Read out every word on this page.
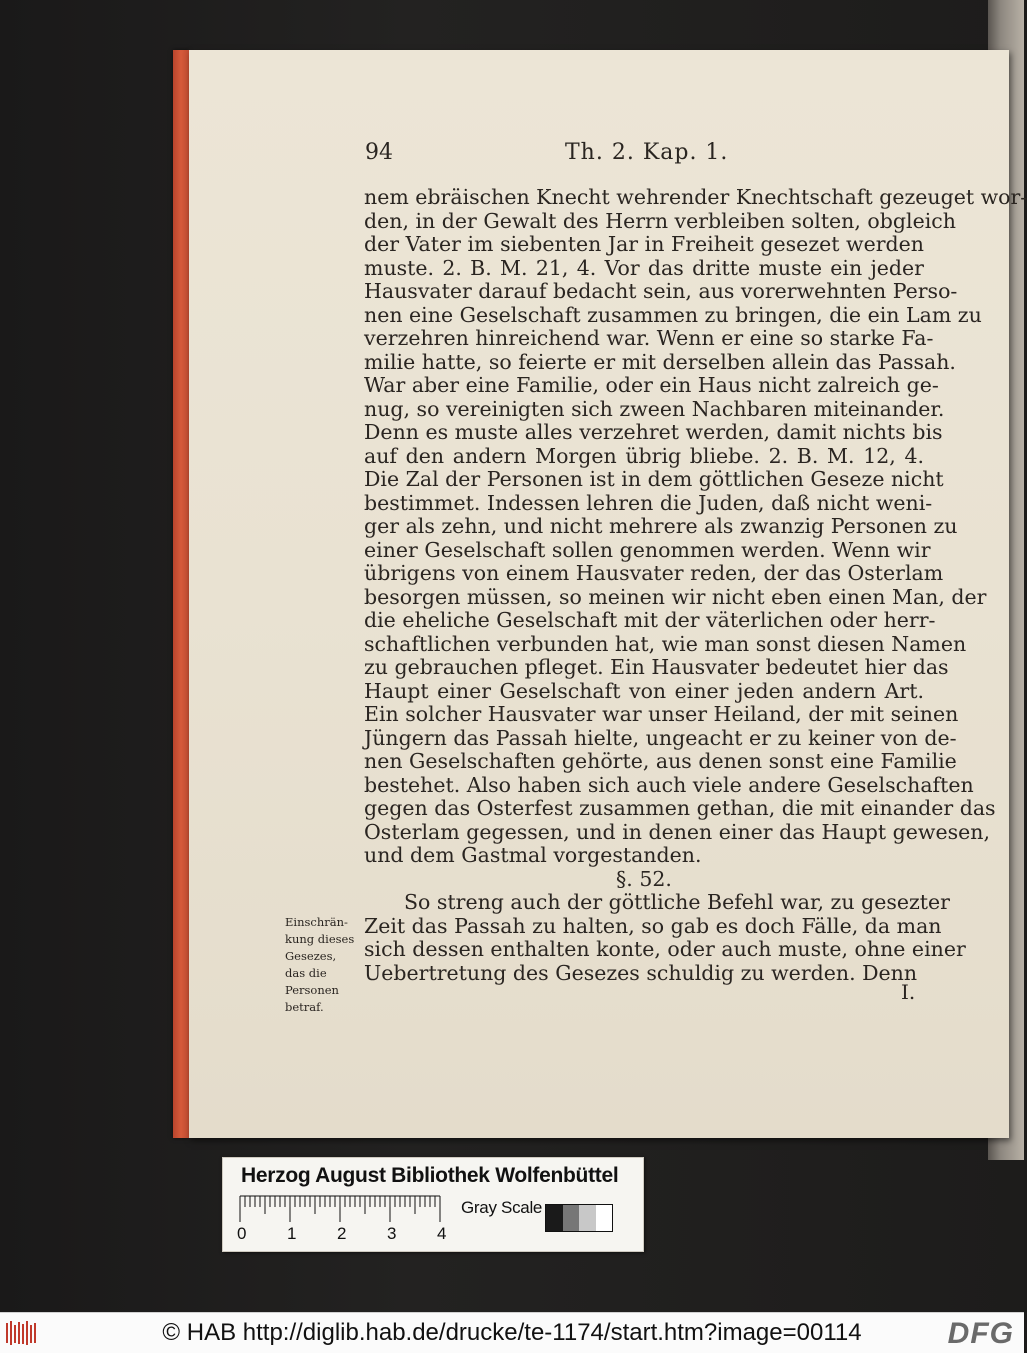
94	Th. 2. Kap. 1.
nem ebräischen Knecht wehrender Knechtschaft gezeuget wor-
den, in der Gewalt des Herrn verbleiben solten, obgleich
der Vater im siebenten Jar in Freiheit gesezet werden
muste. 2. B. M. 21, 4. Vor das dritte muste ein jeder
Hausvater darauf bedacht sein, aus vorerwehnten Perso-
nen eine Geselschaft zusammen zu bringen, die ein Lam zu
verzehren hinreichend war. Wenn er eine so starke Fa-
milie hatte, so feierte er mit derselben allein das Passah.
War aber eine Familie, oder ein Haus nicht zalreich ge-
nug, so vereinigten sich zween Nachbaren miteinander.
Denn es muste alles verzehret werden, damit nichts bis
auf den andern Morgen übrig bliebe. 2. B. M. 12, 4.
Die Zal der Personen ist in dem göttlichen Geseze nicht
bestimmet. Indessen lehren die Juden, daß nicht weni-
ger als zehn, und nicht mehrere als zwanzig Personen zu
einer Geselschaft sollen genommen werden. Wenn wir
übrigens von einem Hausvater reden, der das Osterlam
besorgen müssen, so meinen wir nicht eben einen Man, der
die eheliche Geselschaft mit der väterlichen oder herr-
schaftlichen verbunden hat, wie man sonst diesen Namen
zu gebrauchen pfleget. Ein Hausvater bedeutet hier das
Haupt einer Geselschaft von einer jeden andern Art.
Ein solcher Hausvater war unser Heiland, der mit seinen
Jüngern das Passah hielte, ungeacht er zu keiner von de-
nen Geselschaften gehörte, aus denen sonst eine Familie
bestehet. Also haben sich auch viele andere Geselschaften
gegen das Osterfest zusammen gethan, die mit einander das
Osterlam gegessen, und in denen einer das Haupt gewesen,
und dem Gastmal vorgestanden.
§. 52.
So streng auch der göttliche Befehl war, zu gesezter
Zeit das Passah zu halten, so gab es doch Fälle, da man
sich dessen enthalten konte, oder auch muste, ohne einer
Uebertretung des Gesezes schuldig zu werden. Denn
Einschrän-
kung dieses
Gesezes,
das die
Personen
betraf.
I.
Herzog August Bibliothek Wolfenbüttel
Gray Scale
0 1 2 3 4
© HAB http://diglib.hab.de/drucke/te-1174/start.htm?image=00114	DFG
